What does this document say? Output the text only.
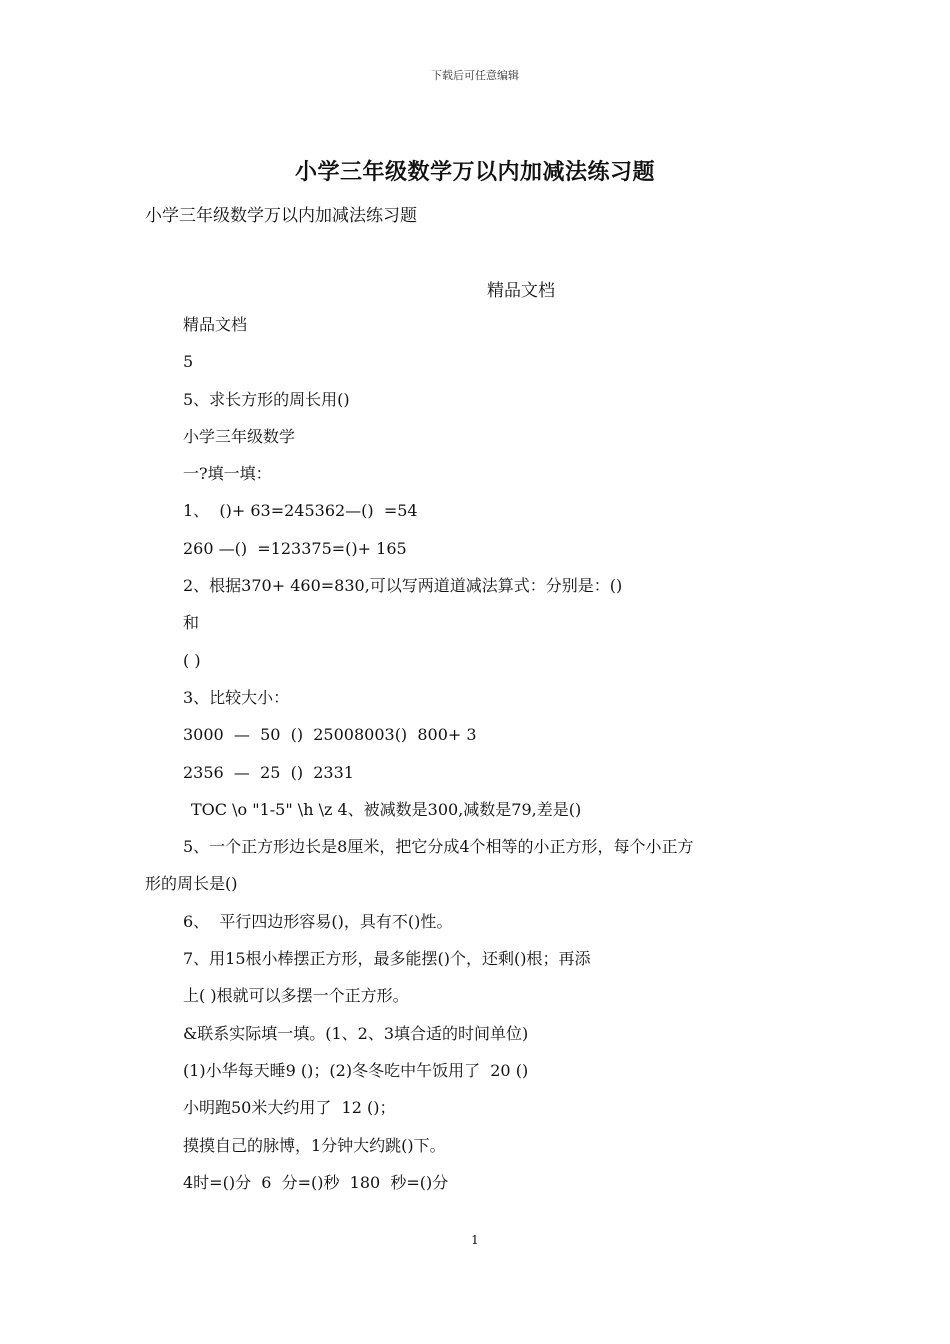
下载后可任意编辑
小学三年级数学万以内加减法练习题
小学三年级数学万以内加减法练习题
精品文档
精品文档
5
5、求长方形的周长用()
小学三年级数学
一?填一填：
1、  ()+ 63=245362—()  =54
260 —()  =123375=()+ 165
2、根据370+ 460=830,可以写两道道减法算式：分别是：()
和
( )
3、比较大小：
3000  —  50  ()  25008003()  800+ 3
2356  —  25  ()  2331
TOC \o "1-5" \h \z 4、被减数是300,减数是79,差是()
5、一个正方形边长是8厘米，把它分成4个相等的小正方形，每个小正方
形的周长是()
6、  平行四边形容易()，具有不()性。
7、用15根小棒摆正方形，最多能摆()个，还剩()根；再添
上( )根就可以多摆一个正方形。
&联系实际填一填。(1、2、3填合适的时间单位)
(1)小华每天睡9 ()；(2)冬冬吃中午饭用了  20 ()
小明跑50米大约用了  12 ()；
摸摸自己的脉博，1分钟大约跳()下。
4时=()分  6  分=()秒  180  秒=()分
1
